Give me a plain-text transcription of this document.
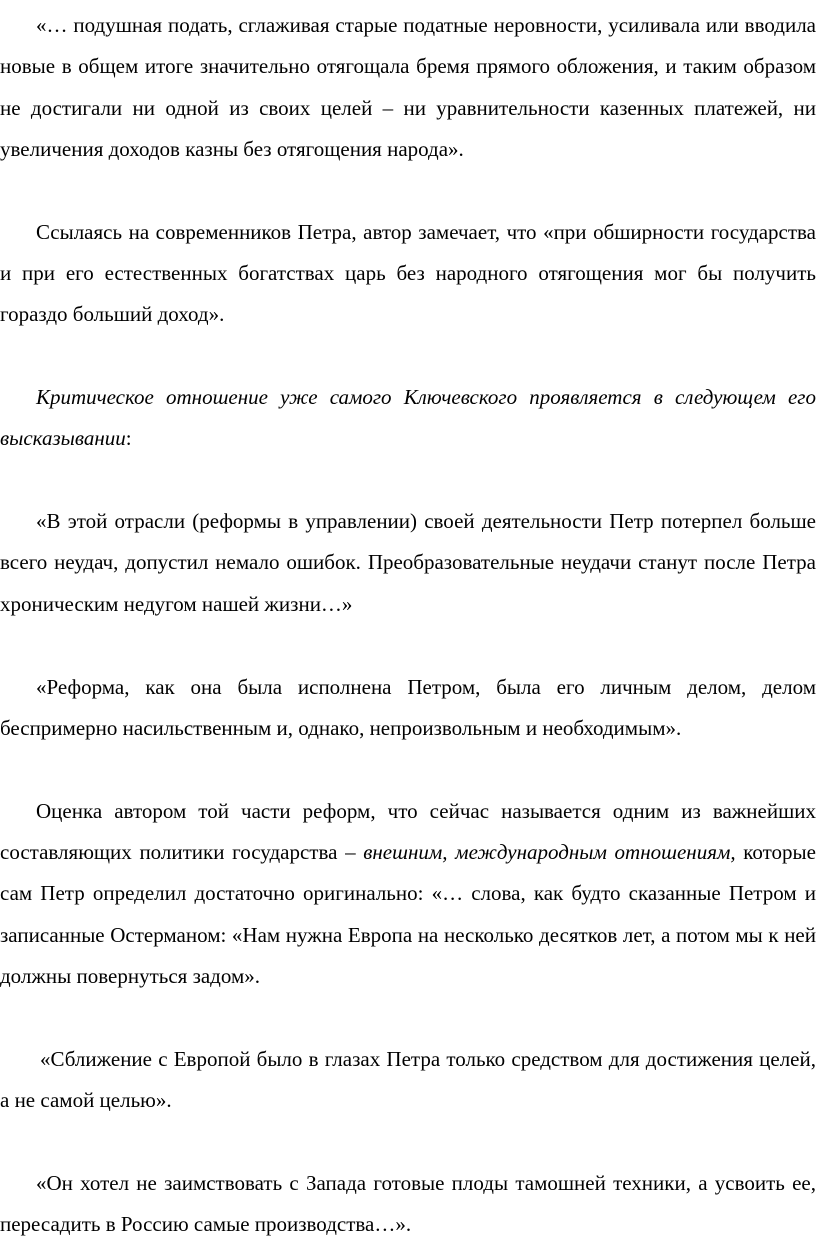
«… подушная подать, сглаживая старые податные неровности, усиливала или вводила новые в общем итоге значительно отягощала бремя прямого обложения, и таким образом не достигали ни одной из своих целей – ни уравнительности казенных платежей, ни увеличения доходов казны без отягощения народа».

Ссылаясь на современников Петра, автор замечает, что «при обширности государства и при его естественных богатствах царь без народного отягощения мог бы получить гораздо больший доход».

Критическое отношение уже самого Ключевского проявляется в следующем его высказывании:

«В этой отрасли (реформы в управлении) своей деятельности Петр потерпел больше всего неудач, допустил немало ошибок. Преобразовательные неудачи станут после Петра хроническим недугом нашей жизни…»

«Реформа, как она была исполнена Петром, была его личным делом, делом беспримерно насильственным и, однако, непроизвольным и необходимым».

Оценка автором той части реформ, что сейчас называется одним из важнейших составляющих политики государства – внешним, международным отношениям, которые сам Петр определил достаточно оригинально: «… слова, как будто сказанные Петром и записанные Остерманом: «Нам нужна Европа на несколько десятков лет, а потом мы к ней должны повернуться задом».

«Сближение с Европой было в глазах Петра только средством для достижения целей, а не самой целью».

«Он хотел не заимствовать с Запада готовые плоды тамошней техники, а усвоить ее, пересадить в Россию самые производства…».
